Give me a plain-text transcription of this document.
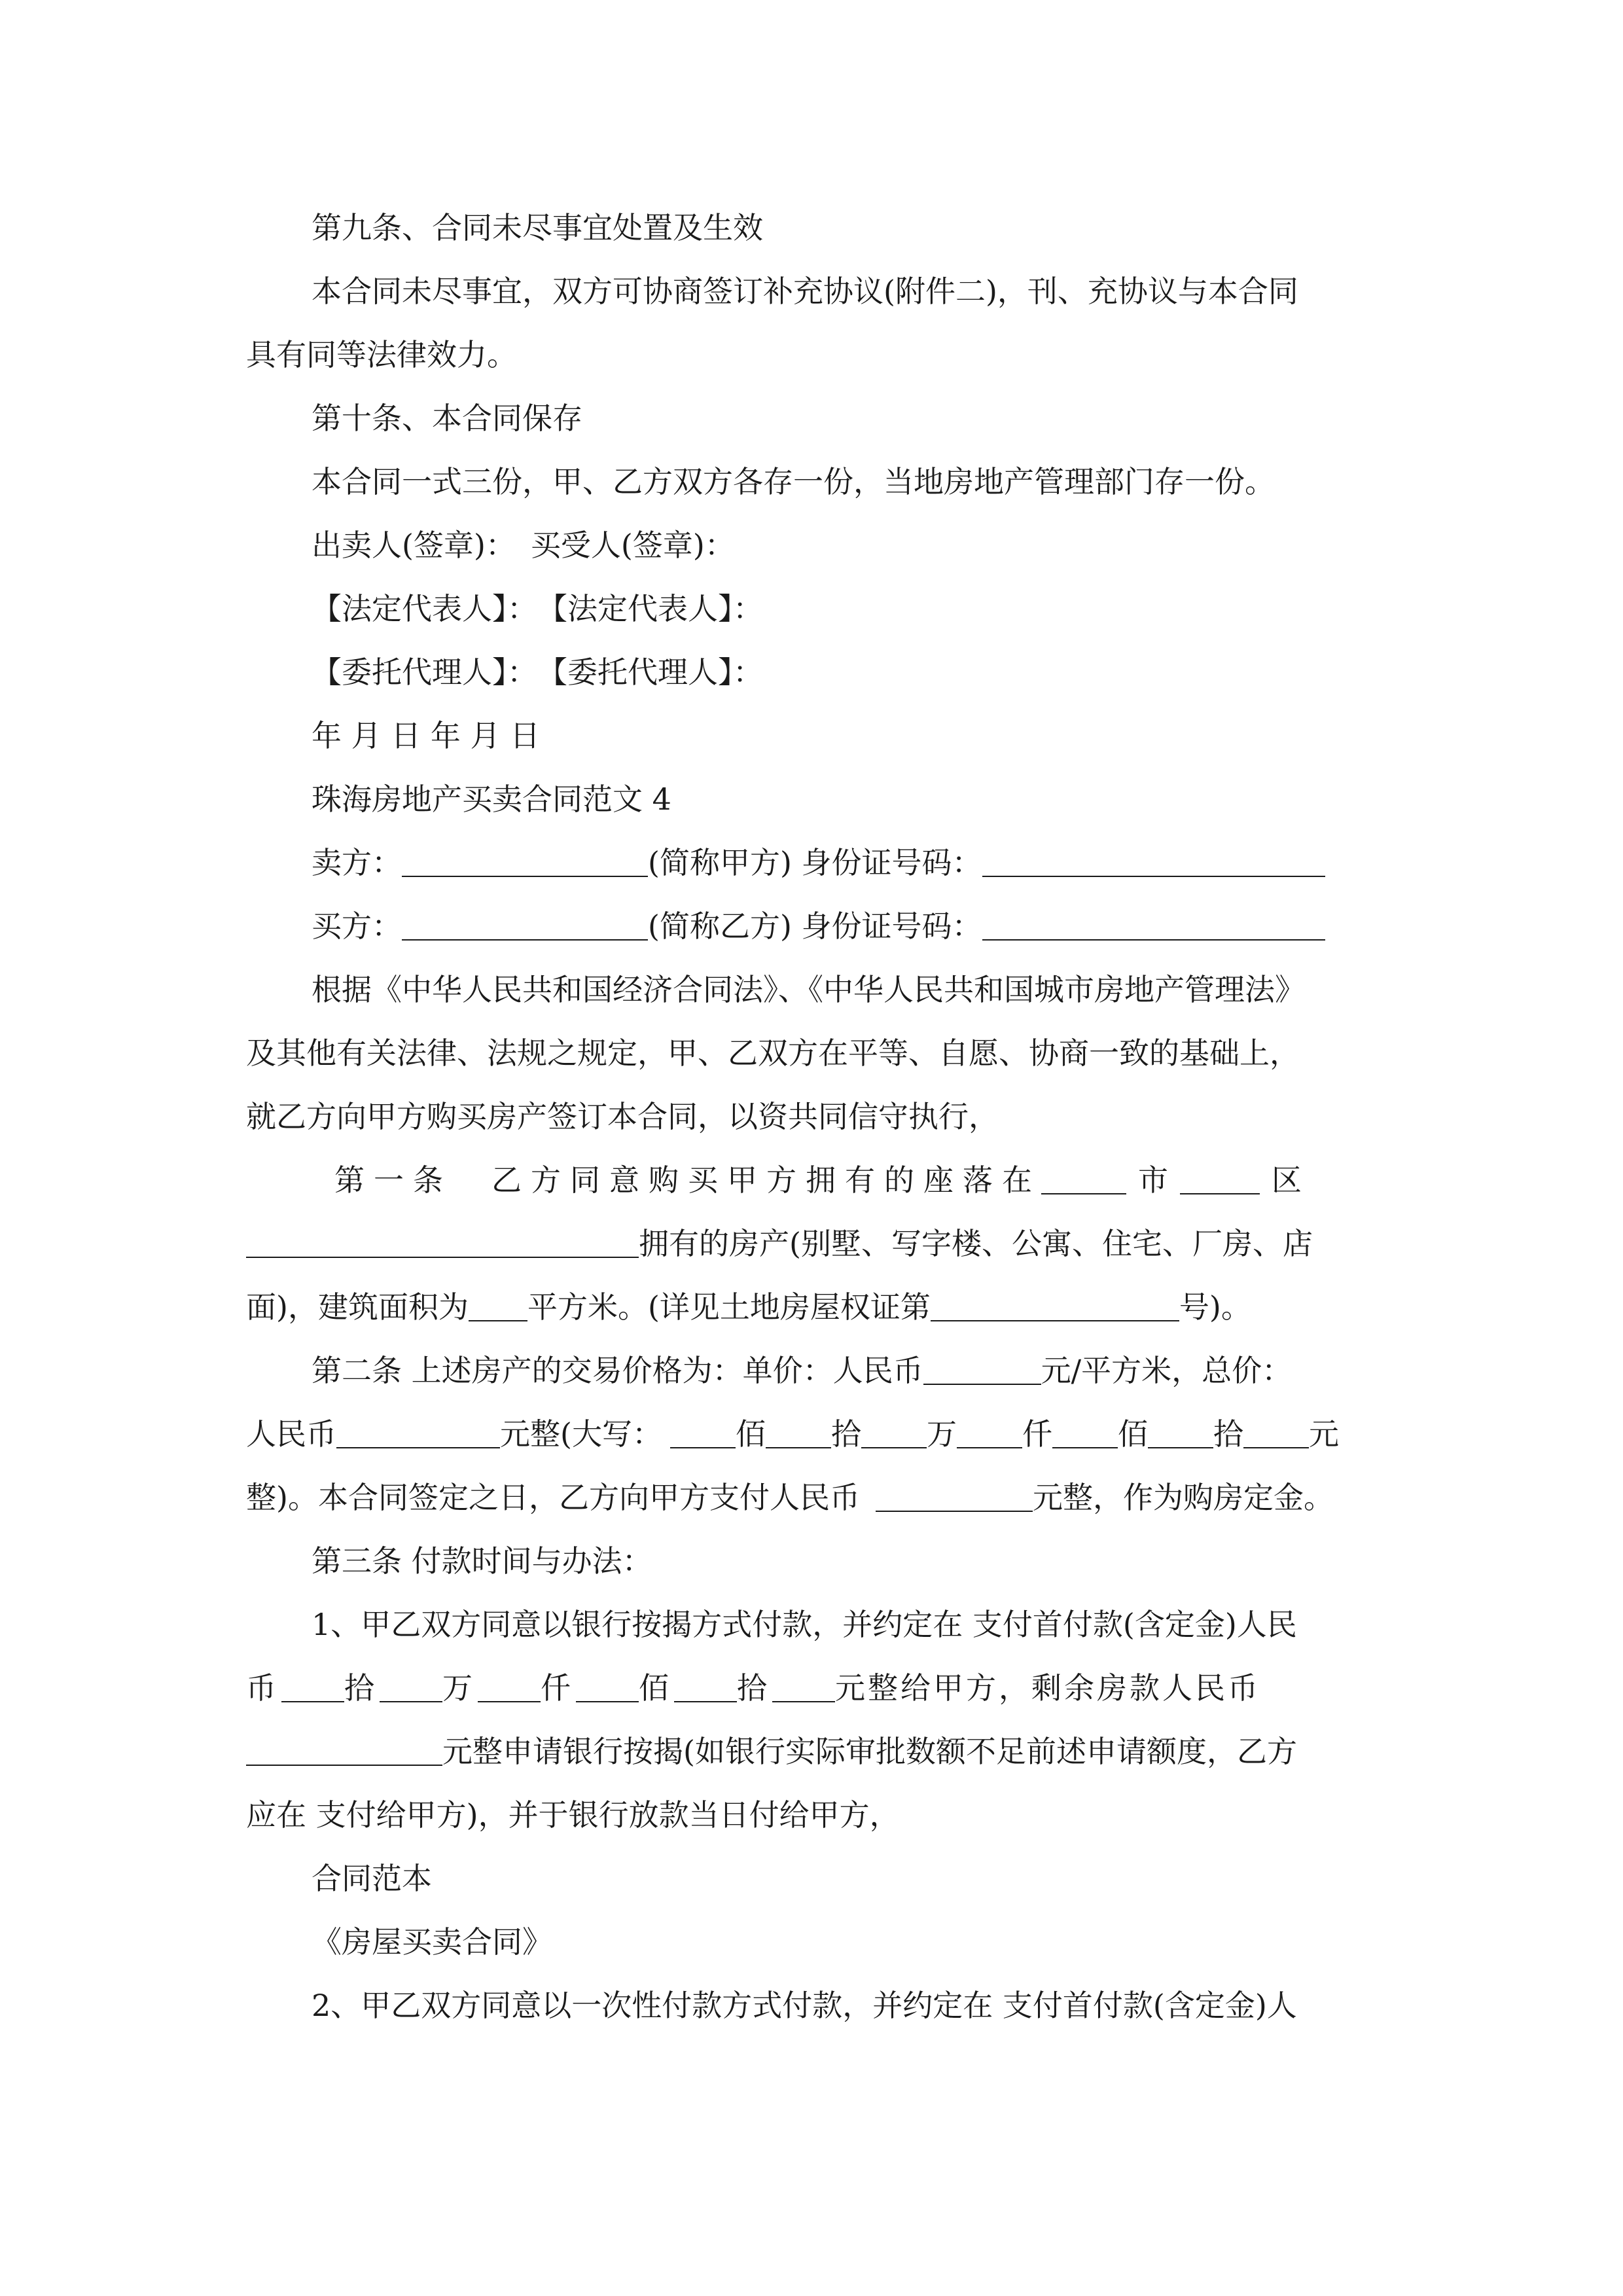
第九条、合同未尽事宜处置及生效
本合同未尽事宜，双方可协商签订补充协议(附件二)，刊、充协议与本合同
具有同等法律效力。
第十条、本合同保存
本合同一式三份，甲、乙方双方各存一份，当地房地产管理部门存一份。
出卖人(签章)：　买受人(签章)：
【法定代表人】：　【法定代表人】：
【委托代理人】：　【委托代理人】：
年 月 日 年 月 日
珠海房地产买卖合同范文 4
卖方：	(简称甲方) 身份证号码：
买方：	(简称乙方) 身份证号码：
根据《中华人民共和国经济合同法》、《中华人民共和国城市房地产管理法》
及其他有关法律、法规之规定，甲、乙双方在平等、自愿、协商一致的基础上，
就乙方向甲方购买房产签订本合同，以资共同信守执行，
第一条　乙方同意购买甲方拥有的座落在	市	区
拥有的房产(别墅、写字楼、公寓、住宅、厂房、店
面)，建筑面积为 平方米。(详见土地房屋权证第	号)。
第二条 上述房产的交易价格为：单价：人民币	元/平方米，总价：
人民币	元整(大写： 佰 拾 万 仟 佰 拾 元
整)。本合同签定之日，乙方向甲方支付人民币	元整，作为购房定金。
第三条 付款时间与办法：
1、甲乙双方同意以银行按揭方式付款，并约定在 支付首付款(含定金)人民
币 拾 万 仟 佰 拾 元整给甲方，剩余房款人民币
元整申请银行按揭(如银行实际审批数额不足前述申请额度，乙方
应在 支付给甲方)，并于银行放款当日付给甲方，
合同范本
《房屋买卖合同》
2、甲乙双方同意以一次性付款方式付款，并约定在 支付首付款(含定金)人
